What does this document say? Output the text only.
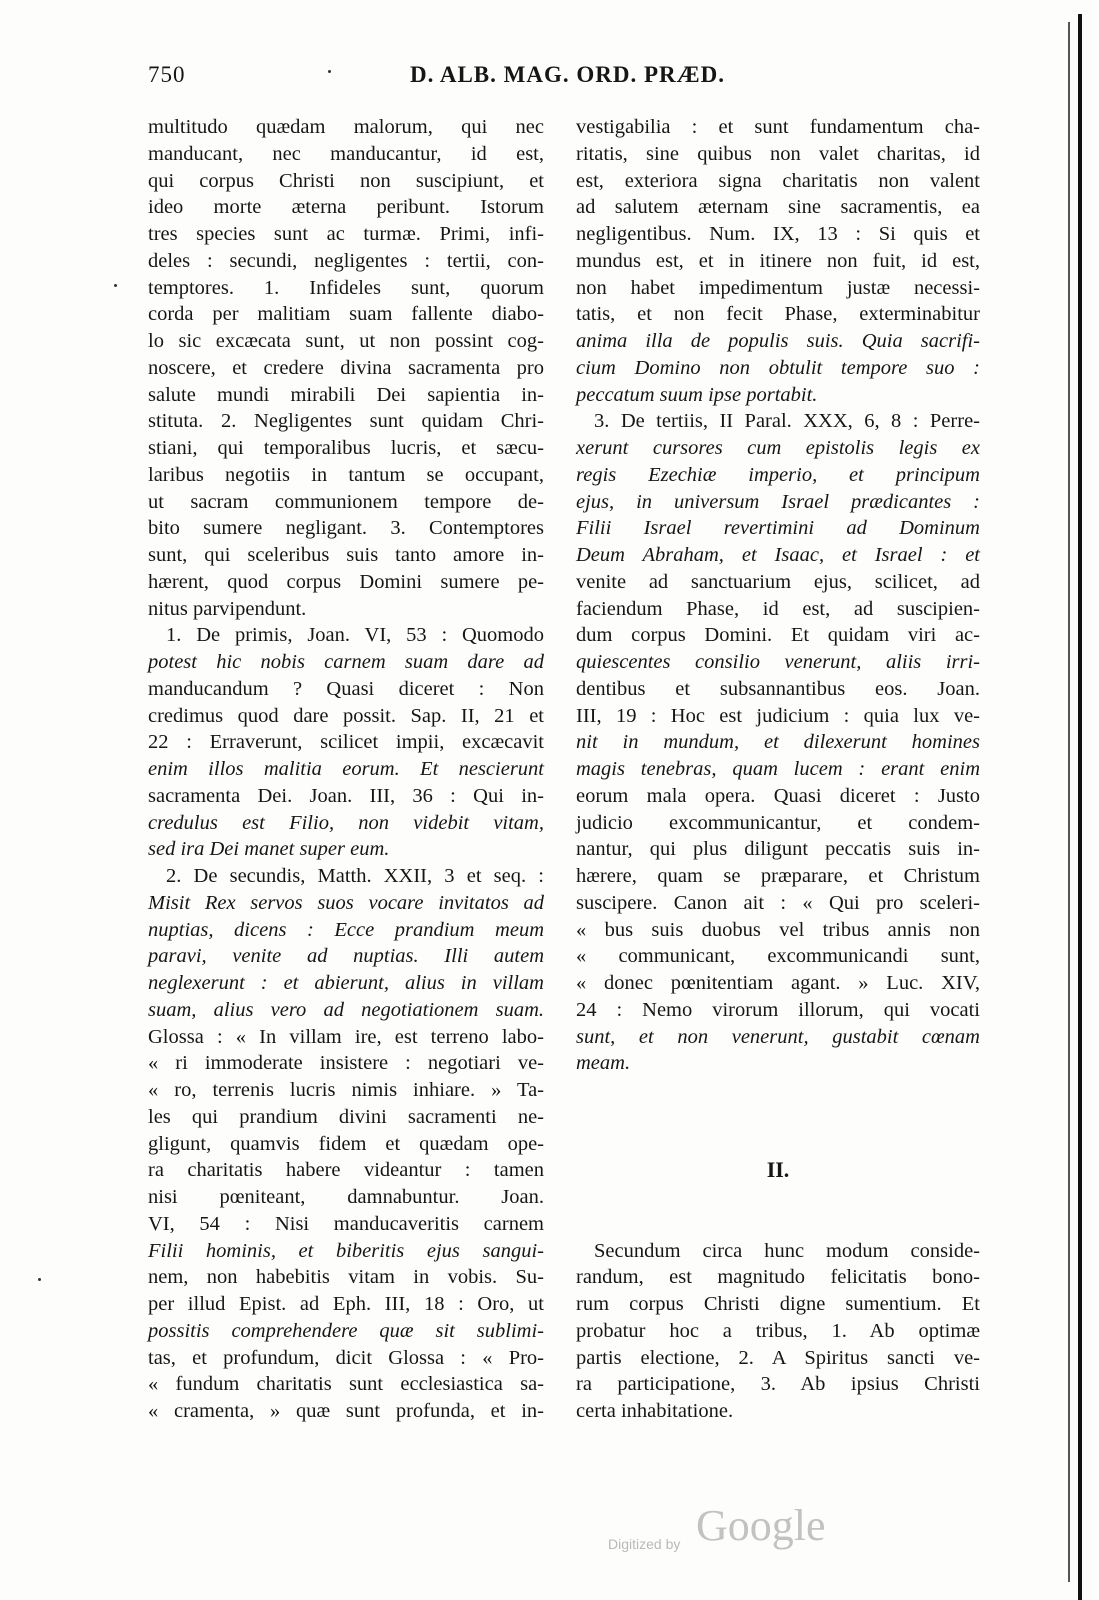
750	D. ALB. MAG. ORD. PRÆD.
multitudo quædam malorum, qui nec
manducant, nec manducantur, id est,
qui corpus Christi non suscipiunt, et
ideo morte æterna peribunt. Istorum
tres species sunt ac turmæ. Primi, infi-
deles : secundi, negligentes : tertii, con-
temptores. 1. Infideles sunt, quorum
corda per malitiam suam fallente diabo-
lo sic excæcata sunt, ut non possint cog-
noscere, et credere divina sacramenta pro
salute mundi mirabili Dei sapientia in-
stituta. 2. Negligentes sunt quidam Chri-
stiani, qui temporalibus lucris, et sæcu-
laribus negotiis in tantum se occupant,
ut sacram communionem tempore de-
bito sumere negligant. 3. Contemptores
sunt, qui sceleribus suis tanto amore in-
hærent, quod corpus Domini sumere pe-
nitus parvipendunt.
1. De primis, Joan. VI, 53 : Quomodo
potest hic nobis carnem suam dare ad
manducandum ? Quasi diceret : Non
credimus quod dare possit. Sap. II, 21 et
22 : Erraverunt, scilicet impii, excæcavit
enim illos malitia eorum. Et nescierunt
sacramenta Dei. Joan. III, 36 : Qui in-
credulus est Filio, non videbit vitam,
sed ira Dei manet super eum.
2. De secundis, Matth. XXII, 3 et seq. :
Misit Rex servos suos vocare invitatos ad
nuptias, dicens : Ecce prandium meum
paravi, venite ad nuptias. Illi autem
neglexerunt : et abierunt, alius in villam
suam, alius vero ad negotiationem suam.
Glossa : « In villam ire, est terreno labo-
« ri immoderate insistere : negotiari ve-
« ro, terrenis lucris nimis inhiare. » Ta-
les qui prandium divini sacramenti ne-
gligunt, quamvis fidem et quædam ope-
ra charitatis habere videantur : tamen
nisi pœniteant, damnabuntur. Joan.
VI, 54 : Nisi manducaveritis carnem
Filii hominis, et biberitis ejus sangui-
nem, non habebitis vitam in vobis. Su-
per illud Epist. ad Eph. III, 18 : Oro, ut
possitis comprehendere quæ sit sublimi-
tas, et profundum, dicit Glossa : « Pro-
« fundum charitatis sunt ecclesiastica sa-
« cramenta, » quæ sunt profunda, et in-
vestigabilia : et sunt fundamentum cha-
ritatis, sine quibus non valet charitas, id
est, exteriora signa charitatis non valent
ad salutem æternam sine sacramentis, ea
negligentibus. Num. IX, 13 : Si quis et
mundus est, et in itinere non fuit, id est,
non habet impedimentum justæ necessi-
tatis, et non fecit Phase, exterminabitur
anima illa de populis suis. Quia sacrifi-
cium Domino non obtulit tempore suo :
peccatum suum ipse portabit.
3. De tertiis, II Paral. XXX, 6, 8 : Perre-
xerunt cursores cum epistolis legis ex
regis Ezechiæ imperio, et principum
ejus, in universum Israel prædicantes :
Filii Israel revertimini ad Dominum
Deum Abraham, et Isaac, et Israel : et
venite ad sanctuarium ejus, scilicet, ad
faciendum Phase, id est, ad suscipien-
dum corpus Domini. Et quidam viri ac-
quiescentes consilio venerunt, aliis irri-
dentibus et subsannantibus eos. Joan.
III, 19 : Hoc est judicium : quia lux ve-
nit in mundum, et dilexerunt homines
magis tenebras, quam lucem : erant enim
eorum mala opera. Quasi diceret : Justo
judicio excommunicantur, et condem-
nantur, qui plus diligunt peccatis suis in-
hærere, quam se præparare, et Christum
suscipere. Canon ait : « Qui pro sceleri-
« bus suis duobus vel tribus annis non
« communicant, excommunicandi sunt,
« donec pœnitentiam agant. » Luc. XIV,
24 : Nemo virorum illorum, qui vocati
sunt, et non venerunt, gustabit cœnam
meam.
II.
Secundum circa hunc modum conside-
randum, est magnitudo felicitatis bono-
rum corpus Christi digne sumentium. Et
probatur hoc a tribus, 1. Ab optimæ
partis electione, 2. A Spiritus sancti ve-
ra participatione, 3. Ab ipsius Christi
certa inhabitatione.
Digitized by Google
